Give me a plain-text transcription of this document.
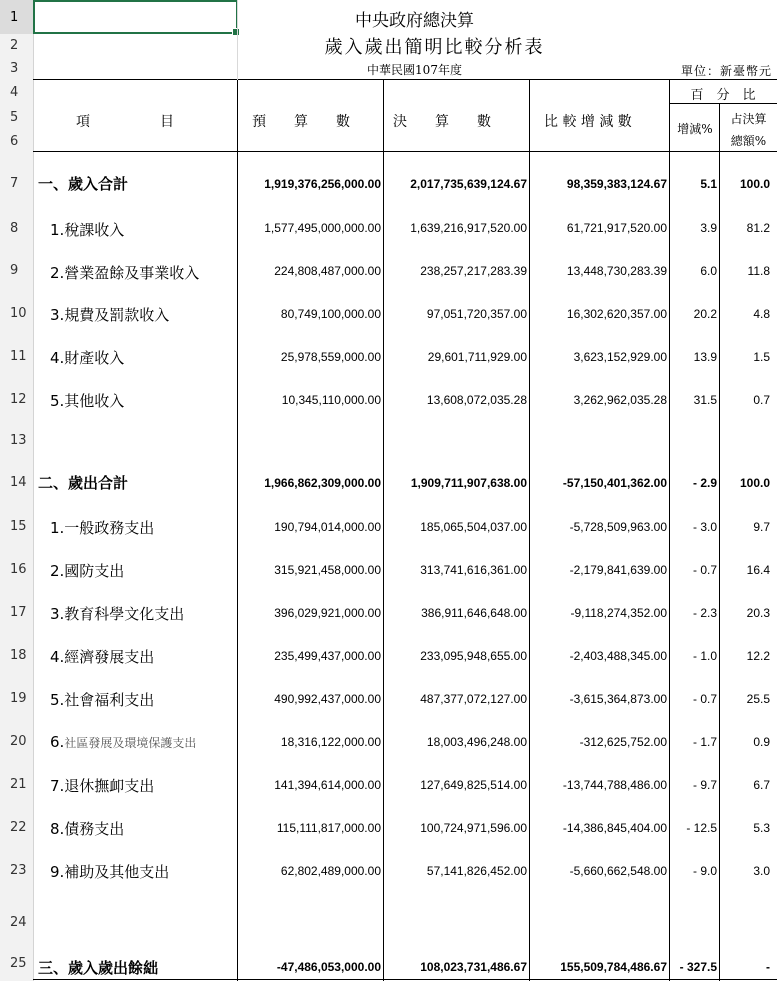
1
2
3
4
5
6
7
8
9
10
11
12
13
14
15
16
17
18
19
20
21
22
23
24
25
中央政府總決算
歲入歲出簡明比較分析表
中華民國107年度	單位：新臺幣元
項　　　　　目	預　　算　　數	決　　算　　數	比 較 增 減 數
百　分　比
增減%
占決算
總額%
一、歲入合計	1,919,376,256,000.00	2,017,735,639,124.67	98,359,383,124.67	5.1	100.0
1.稅課收入	1,577,495,000,000.00	1,639,216,917,520.00	61,721,917,520.00	3.9	81.2
2.營業盈餘及事業收入	224,808,487,000.00	238,257,217,283.39	13,448,730,283.39	6.0	11.8
3.規費及罰款收入	80,749,100,000.00	97,051,720,357.00	16,302,620,357.00	20.2	4.8
4.財產收入	25,978,559,000.00	29,601,711,929.00	3,623,152,929.00	13.9	1.5
5.其他收入	10,345,110,000.00	13,608,072,035.28	3,262,962,035.28	31.5	0.7
二、歲出合計	1,966,862,309,000.00	1,909,711,907,638.00	-57,150,401,362.00	- 2.9	100.0
1.一般政務支出	190,794,014,000.00	185,065,504,037.00	-5,728,509,963.00	- 3.0	9.7
2.國防支出	315,921,458,000.00	313,741,616,361.00	-2,179,841,639.00	- 0.7	16.4
3.教育科學文化支出	396,029,921,000.00	386,911,646,648.00	-9,118,274,352.00	- 2.3	20.3
4.經濟發展支出	235,499,437,000.00	233,095,948,655.00	-2,403,488,345.00	- 1.0	12.2
5.社會福利支出	490,992,437,000.00	487,377,072,127.00	-3,615,364,873.00	- 0.7	25.5
6.社區發展及環境保護支出	18,316,122,000.00	18,003,496,248.00	-312,625,752.00	- 1.7	0.9
7.退休撫卹支出	141,394,614,000.00	127,649,825,514.00	-13,744,788,486.00	- 9.7	6.7
8.債務支出	115,111,817,000.00	100,724,971,596.00	-14,386,845,404.00	- 12.5	5.3
9.補助及其他支出	62,802,489,000.00	57,141,826,452.00	-5,660,662,548.00	- 9.0	3.0
三、歲入歲出餘絀	-47,486,053,000.00	108,023,731,486.67	155,509,784,486.67	- 327.5	-
